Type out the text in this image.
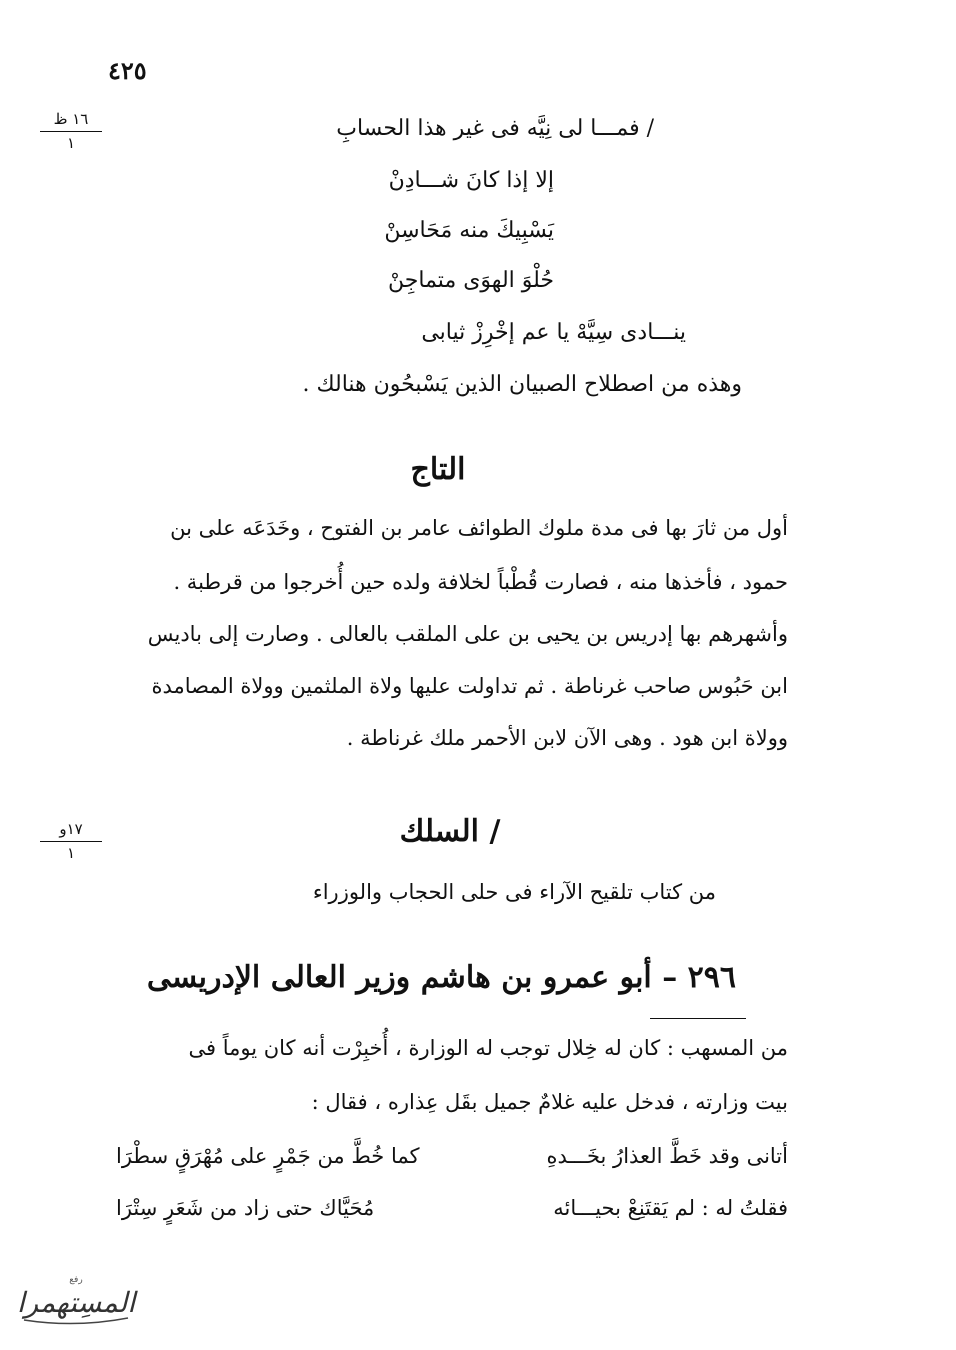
٤٢٥
١٦ ظ
١
١٧و
١
/ فمـــا لى نِيَّه فى غير هذا الحسابِ
إلا إذا كانَ شـــادِنْ
يَسْبِيكَ منه مَحَاسِنْ
حُلْوَ الهوَى متماجِنْ
ينـــادى سِيَّهْ يا عم إخْرِزْ ثيابى
وهذه من اصطلاح الصبيان الذين يَسْبحُون هنالك .
التاج
أول من ثارَ بها فى مدة ملوك الطوائف عامر بن الفتوح ، وخَدَعَه على بن
حمود ، فأخذها منه ، فصارت قُطْباً لخلافة ولده حين أُخرجوا من قرطبة .
وأشهرهم بها إدريس بن يحيى بن على الملقب بالعالى . وصارت إلى باديس
ابن حَبُوس صاحب غرناطة . ثم تداولت عليها ولاة الملثمين وولاة المصامدة
وولاة ابن هود . وهى الآن لابن الأحمر ملك غرناطة .
/ السلك
من كتاب تلقيح الآراء فى حلى الحجاب والوزراء
٢٩٦ – أبو عمرو بن هاشم وزير العالى الإدريسى
من المسهب : كان له خِلال توجب له الوزارة ، أُخبِرْت أنه كان يوماً فى
بيت وزارته ، فدخل عليه غلامٌ جميل بقَل عِذاره ، فقال :
أتانى وقد خَطَّ العذارُ بخَـــدهِ
كما خُطَّ من جَمْرٍ على مُهْرَقٍ سطْرَا
فقلتُ له : لم يَقتَنِعْ بحيـــائه
مُحَيَّاك حتى زاد من شَعَرٍ سِتْرَا
رفع
المسِتهمرا
